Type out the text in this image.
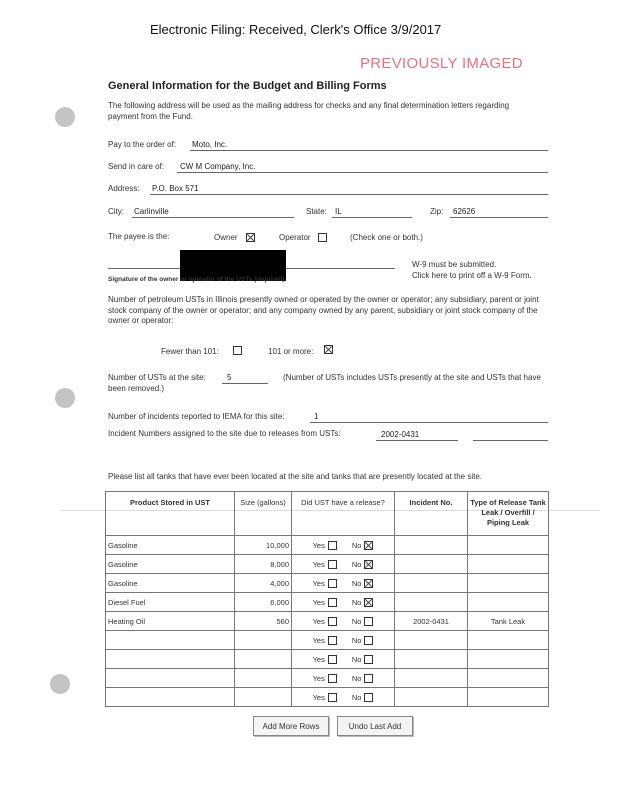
Electronic Filing: Received, Clerk's Office 3/9/2017
PREVIOUSLY IMAGED
General Information for the Budget and Billing Forms
The following address will be used as the mailing address for checks and any final determination letters regarding payment from the Fund.
Pay to the order of: Moto, Inc.
Send in care of: CW M Company, Inc.
Address: P.O. Box 571
City: Carlinville	State: IL	Zip: 62626
The payee is the:	Owner	Operator	(Check one or both.)
Signature of the owner or operator of the USTs (required)
W-9 must be submitted.
Click here to print off a W-9 Form.
Number of petroleum USTs in Illinois presently owned or operated by the owner or operator; any subsidiary, parent or joint stock company of the owner or operator; and any company owned by any parent, subsidiary or joint stock company of the owner or operator:
Fewer than 101:	101 or more:
Number of USTs at the site:	5	(Number of USTs includes USTs presently at the site and USTs that have been removed.)
Number of incidents reported to IEMA for this site:	1
Incident Numbers assigned to the site due to releases from USTs:	2002-0431
Please list all tanks that have ever been located at the site and tanks that are presently located at the site.
Product Stored in UST	Size (gallons)	Did UST have a release?	Incident No.	Type of Release Tank Leak / Overfill / Piping Leak
Gasoline	10,000	Yes No		

Gasoline	8,000	Yes No		

Gasoline	4,000	Yes No		

Diesel Fuel	6,000	Yes No		

Heating Oil	560	Yes No	2002-0431	Tank Leak

		Yes No		

		Yes No		

		Yes No		

		Yes No		

Add More Rows	Undo Last Add
